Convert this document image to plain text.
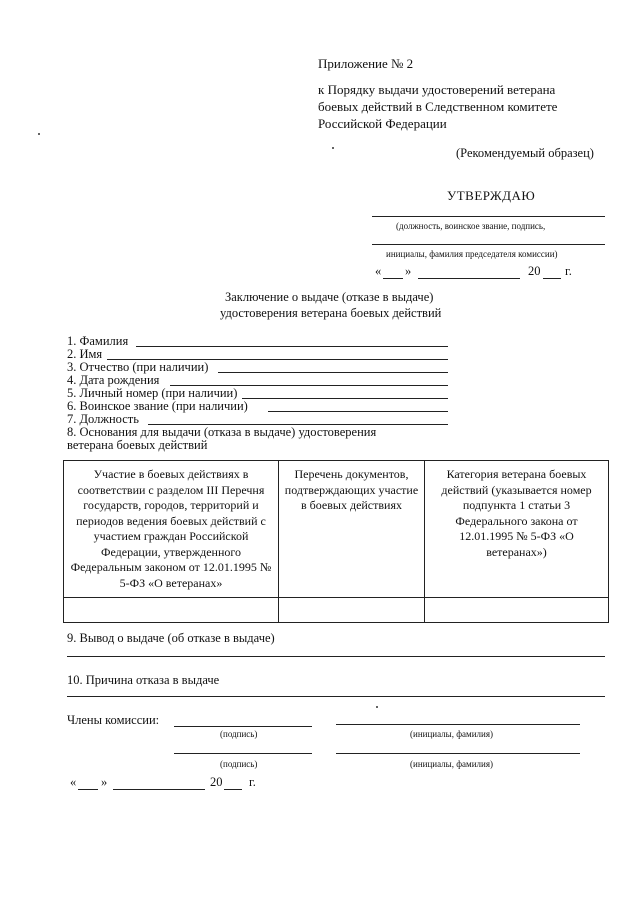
Приложение № 2
к Порядку выдачи удостоверений ветерана
боевых действий в Следственном комитете
Российской Федерации
(Рекомендуемый образец)
УТВЕРЖДАЮ
(должность, воинское звание, подпись,
инициалы, фамилия председателя комиссии)
« »	20 г.
Заключение о выдаче (отказе в выдаче)
удостоверения ветерана боевых действий
1. Фамилия
2. Имя
3. Отчество (при наличии)
4. Дата рождения
5. Личный номер (при наличии)
6. Воинское звание (при наличии)
7. Должность
8. Основания для выдачи (отказа в выдаче) удостоверения
ветерана боевых действий
Участие в боевых действиях в соответствии с разделом III Перечня государств, городов, территорий и периодов ведения боевых действий с участием граждан Российской Федерации, утвержденного Федеральным законом от 12.01.1995 № 5-ФЗ «О ветеранах»	Перечень документов, подтверждающих участие в боевых действиях	Категория ветерана боевых действий (указывается номер подпункта 1 статьи 3 Федерального закона от 12.01.1995 № 5-ФЗ «О ветеранах»)

9. Вывод о выдаче (об отказе в выдаче)
10. Причина отказа в выдаче
Члены комиссии:
(подпись)	(инициалы, фамилия)
(подпись)	(инициалы, фамилия)
« »	20 г.
